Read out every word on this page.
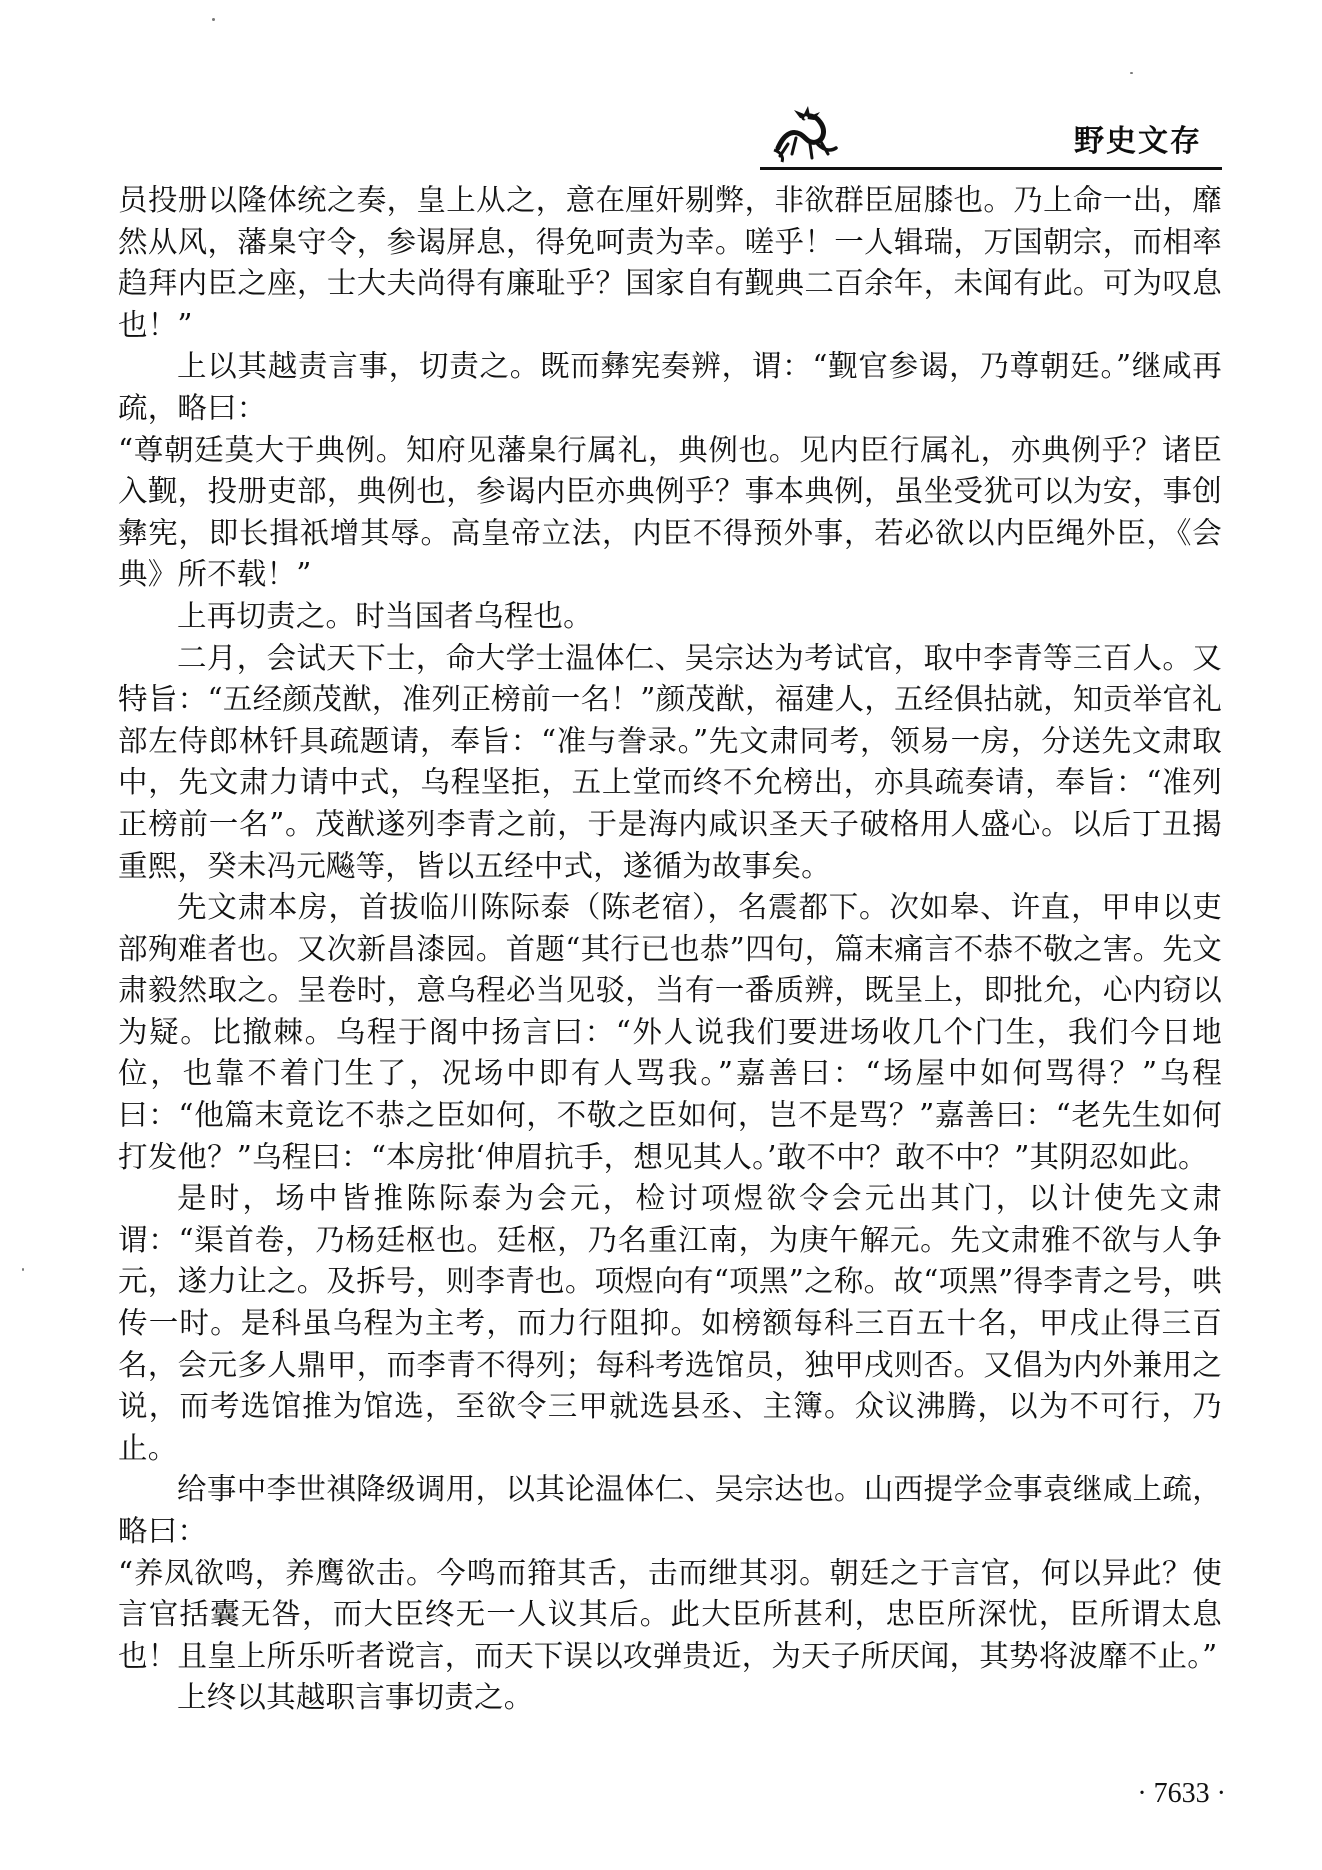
野史文存

员投册以隆体统之奏，皇上从之，意在厘奸剔弊，非欲群臣屈膝也。乃上命一出，靡然从风，藩臬守令，参谒屏息，得免呵责为幸。嗟乎！一人辑瑞，万国朝宗，而相率趋拜内臣之座，士大夫尚得有廉耻乎？国家自有觐典二百余年，未闻有此。可为叹息也！”

上以其越责言事，切责之。既而彝宪奏辨，谓：“觐官参谒，乃尊朝廷。”继咸再疏，略曰：

“尊朝廷莫大于典例。知府见藩臬行属礼，典例也。见内臣行属礼，亦典例乎？诸臣入觐，投册吏部，典例也，参谒内臣亦典例乎？事本典例，虽坐受犹可以为安，事创彝宪，即长揖祇增其辱。高皇帝立法，内臣不得预外事，若必欲以内臣绳外臣，《会典》所不载！”

上再切责之。时当国者乌程也。

二月，会试天下士，命大学士温体仁、吴宗达为考试官，取中李青等三百人。又特旨：“五经颜茂猷，准列正榜前一名！”颜茂猷，福建人，五经俱拈就，知贡举官礼部左侍郎林钎具疏题请，奉旨：“准与誊录。”先文肃同考，领易一房，分送先文肃取中，先文肃力请中式，乌程坚拒，五上堂而终不允榜出，亦具疏奏请，奉旨：“准列正榜前一名”。茂猷遂列李青之前，于是海内咸识圣天子破格用人盛心。以后丁丑揭重熙，癸未冯元飚等，皆以五经中式，遂循为故事矣。

先文肃本房，首拔临川陈际泰（陈老宿），名震都下。次如皋、许直，甲申以吏部殉难者也。又次新昌漆园。首题“其行已也恭”四句，篇末痛言不恭不敬之害。先文肃毅然取之。呈卷时，意乌程必当见驳，当有一番质辨，既呈上，即批允，心内窃以为疑。比撤棘。乌程于阁中扬言曰：“外人说我们要进场收几个门生，我们今日地位，也靠不着门生了，况场中即有人骂我。”嘉善曰：“场屋中如何骂得？”乌程曰：“他篇末竟讫不恭之臣如何，不敬之臣如何，岂不是骂？”嘉善曰：“老先生如何打发他？”乌程曰：“本房批‘伸眉抗手，想见其人。’敢不中？敢不中？”其阴忍如此。

是时，场中皆推陈际泰为会元，检讨项煜欲令会元出其门，以计使先文肃谓：“渠首卷，乃杨廷枢也。廷枢，乃名重江南，为庚午解元。先文肃雅不欲与人争元，遂力让之。及拆号，则李青也。项煜向有“项黑”之称。故“项黑”得李青之号，哄传一时。是科虽乌程为主考，而力行阻抑。如榜额每科三百五十名，甲戌止得三百名，会元多人鼎甲，而李青不得列；每科考选馆员，独甲戌则否。又倡为内外兼用之说，而考选馆推为馆选，至欲令三甲就选县丞、主簿。众议沸腾，以为不可行，乃止。

给事中李世祺降级调用，以其论温体仁、吴宗达也。山西提学佥事袁继咸上疏，略曰：

“养凤欲鸣，养鹰欲击。今鸣而箝其舌，击而绁其羽。朝廷之于言官，何以异此？使言官括囊无咎，而大臣终无一人议其后。此大臣所甚利，忠臣所深忧，臣所谓太息也！且皇上所乐听者谠言，而天下误以攻弹贵近，为天子所厌闻，其势将波靡不止。”

上终以其越职言事切责之。

· 7633 ·
